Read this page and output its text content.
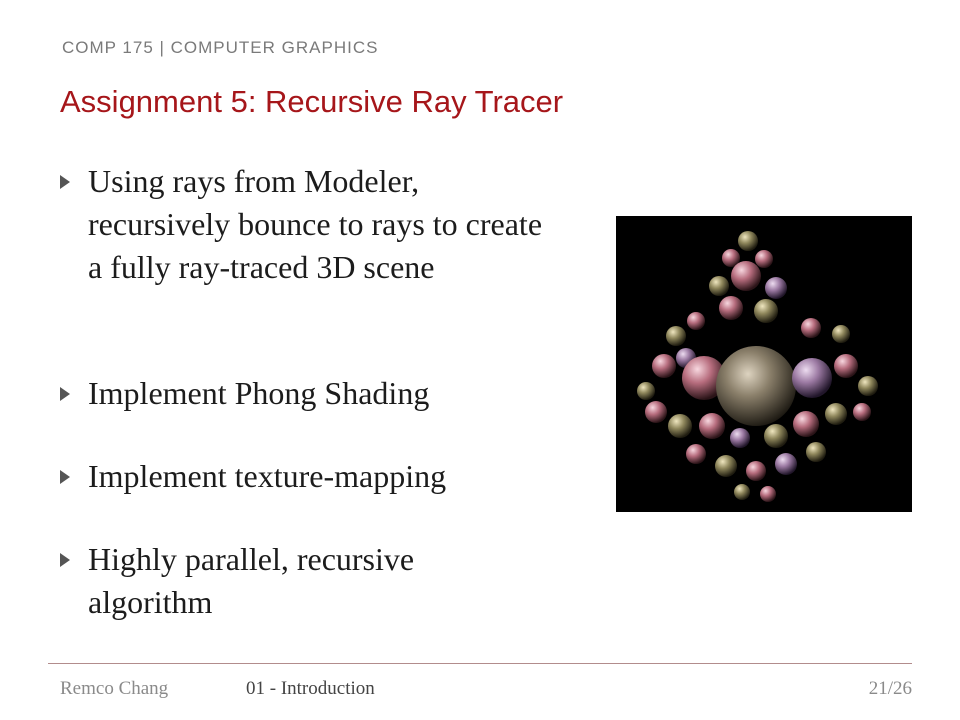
COMP 175 | COMPUTER GRAPHICS
Assignment 5: Recursive Ray Tracer
Using rays from Modeler, recursively bounce to rays to create a fully ray-traced 3D scene
Implement Phong Shading
Implement texture-mapping
Highly parallel, recursive algorithm
Remco Chang	01 - Introduction	21/26
